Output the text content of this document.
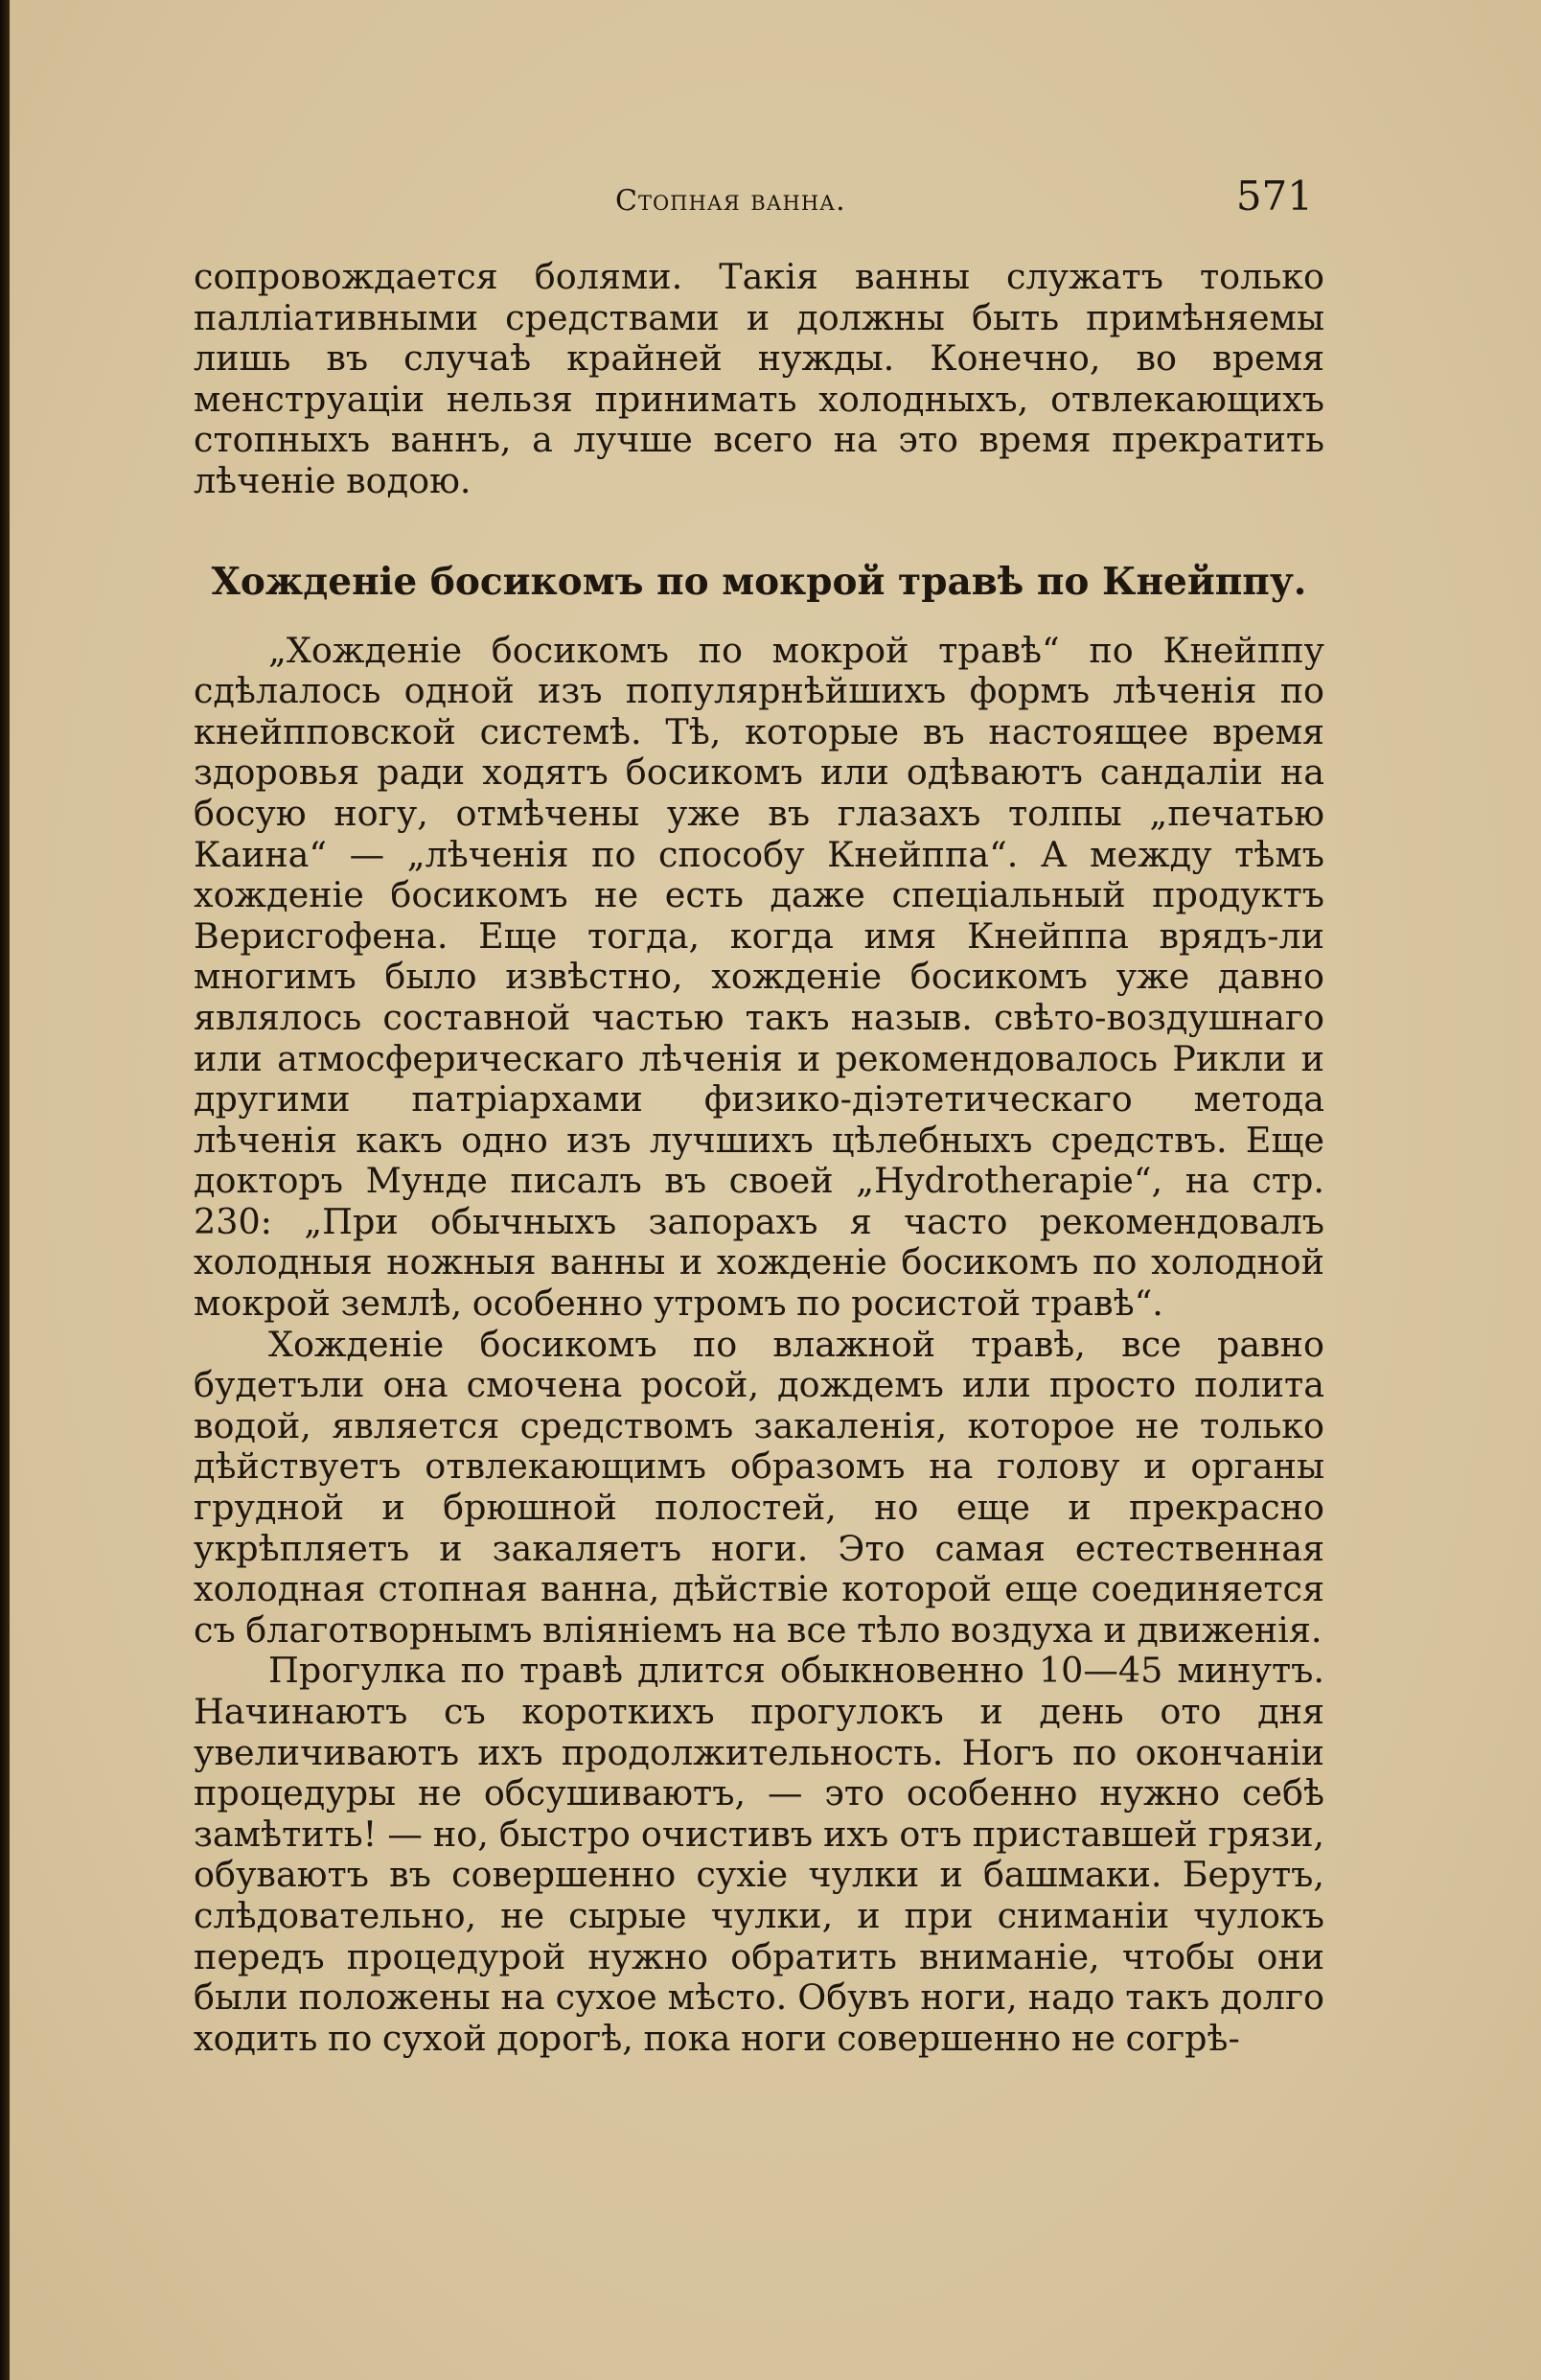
Стопная ванна.	571

сопровождается болями. Такія ванны служатъ только паллiативными средствами и должны быть примѣняемы лишь въ случаѣ крайней нужды. Конечно, во время менструацiи нельзя принимать холодныхъ, отвлекающихъ стопныхъ ваннъ, а лучше всего на это время прекратить лѣченіе водою.

Хожденіе босикомъ по мокрой травѣ по Кнейппу.

„Хожденіе босикомъ по мокрой травѣ“ по Кнейппу сдѣлалось одной изъ популярнѣйшихъ формъ лѣченія по кнейпповской системѣ. Тѣ, которые въ настоящее время здоровья ради ходятъ босикомъ или одѣваютъ сандаліи на босую ногу, отмѣчены уже въ глазахъ толпы „печатью Каина“ — „лѣченія по способу Кнейппа“. А между тѣмъ хожденіе босикомъ не есть даже спеціальный продуктъ Верисгофена. Еще тогда, когда имя Кнейппа врядъ-ли многимъ было извѣстно, хожденіе босикомъ уже давно являлось составной частью такъ назыв. свѣто-воздушнаго или атмосферическаго лѣченія и рекомендовалось Рикли и другими патріархами физико-діэтетическаго метода лѣченія какъ одно изъ лучшихъ цѣлебныхъ средствъ. Еще докторъ Мунде писалъ въ своей „Hydrotherapie“, на стр. 230: „При обычныхъ запорахъ я часто рекомендовалъ холодныя ножныя ванны и хожденіе босикомъ по холодной мокрой землѣ, особенно утромъ по росистой травѣ“.

Хожденіе босикомъ по влажной травѣ, все равно будетъли она смочена росой, дождемъ или просто полита водой, является средствомъ закаленія, которое не только дѣйствуетъ отвлекающимъ образомъ на голову и органы грудной и брюшной полостей, но еще и прекрасно укрѣпляетъ и закаляетъ ноги. Это самая естественная холодная стопная ванна, дѣйствіе которой еще соединяется съ благотворнымъ вліяніемъ на все тѣло воздуха и движенія.

Прогулка по травѣ длится обыкновенно 10—45 минутъ. Начинаютъ съ короткихъ прогулокъ и день ото дня увеличиваютъ ихъ продолжительность. Ногъ по окончаніи процедуры не обсушиваютъ, — это особенно нужно себѣ замѣтить! — но, быстро очистивъ ихъ отъ приставшей грязи, обуваютъ въ совершенно сухіе чулки и башмаки. Берутъ, слѣдовательно, не сырые чулки, и при сниманіи чулокъ передъ процедурой нужно обратить вниманіе, чтобы они были положены на сухое мѣсто. Обувъ ноги, надо такъ долго ходить по сухой дорогѣ, пока ноги совершенно не согрѣ-
